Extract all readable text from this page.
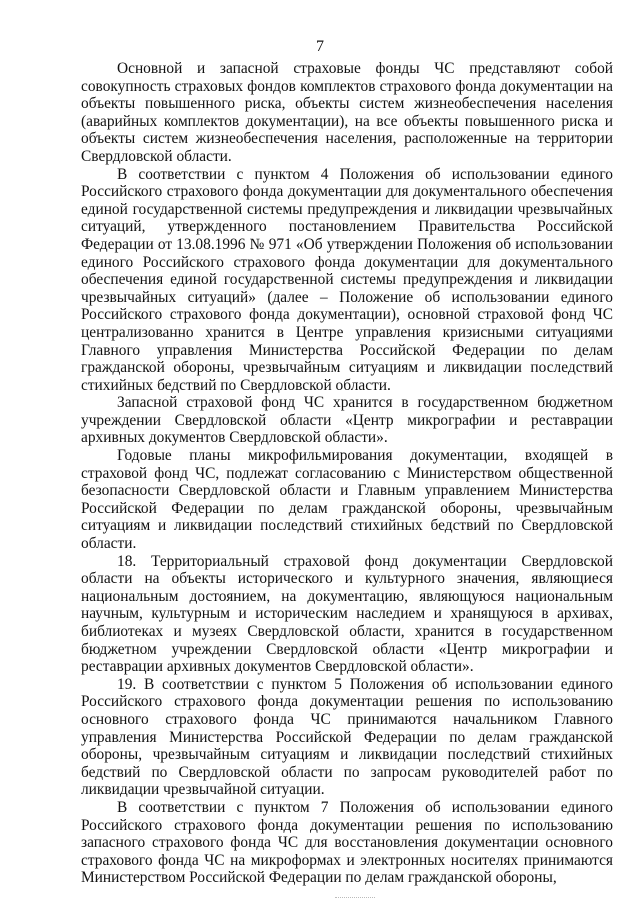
7

Основной и запасной страховые фонды ЧС представляют собой совокупность страховых фондов комплектов страхового фонда документации на объекты повышенного риска, объекты систем жизнеобеспечения населения (аварийных комплектов документации), на все объекты повышенного риска и объекты систем жизнеобеспечения населения, расположенные на территории Свердловской области.

В соответствии с пунктом 4 Положения об использовании единого Российского страхового фонда документации для документального обеспечения единой государственной системы предупреждения и ликвидации чрезвычайных ситуаций, утвержденного постановлением Правительства Российской Федерации от 13.08.1996 № 971 «Об утверждении Положения об использовании единого Российского страхового фонда документации для документального обеспечения единой государственной системы предупреждения и ликвидации чрезвычайных ситуаций» (далее – Положение об использовании единого Российского страхового фонда документации), основной страховой фонд ЧС централизованно хранится в Центре управления кризисными ситуациями Главного управления Министерства Российской Федерации по делам гражданской обороны, чрезвычайным ситуациям и ликвидации последствий стихийных бедствий по Свердловской области.

Запасной страховой фонд ЧС хранится в государственном бюджетном учреждении Свердловской области «Центр микрографии и реставрации архивных документов Свердловской области».

Годовые планы микрофильмирования документации, входящей в страховой фонд ЧС, подлежат согласованию с Министерством общественной безопасности Свердловской области и Главным управлением Министерства Российской Федерации по делам гражданской обороны, чрезвычайным ситуациям и ликвидации последствий стихийных бедствий по Свердловской области.

18. Территориальный страховой фонд документации Свердловской области на объекты исторического и культурного значения, являющиеся национальным достоянием, на документацию, являющуюся национальным научным, культурным и историческим наследием и хранящуюся в архивах, библиотеках и музеях Свердловской области, хранится в государственном бюджетном учреждении Свердловской области «Центр микрографии и реставрации архивных документов Свердловской области».

19. В соответствии с пунктом 5 Положения об использовании единого Российского страхового фонда документации решения по использованию основного страхового фонда ЧС принимаются начальником Главного управления Министерства Российской Федерации по делам гражданской обороны, чрезвычайным ситуациям и ликвидации последствий стихийных бедствий по Свердловской области по запросам руководителей работ по ликвидации чрезвычайной ситуации.

В соответствии с пунктом 7 Положения об использовании единого Российского страхового фонда документации решения по использованию запасного страхового фонда ЧС для восстановления документации основного страхового фонда ЧС на микроформах и электронных носителях принимаются Министерством Российской Федерации по делам гражданской обороны,
